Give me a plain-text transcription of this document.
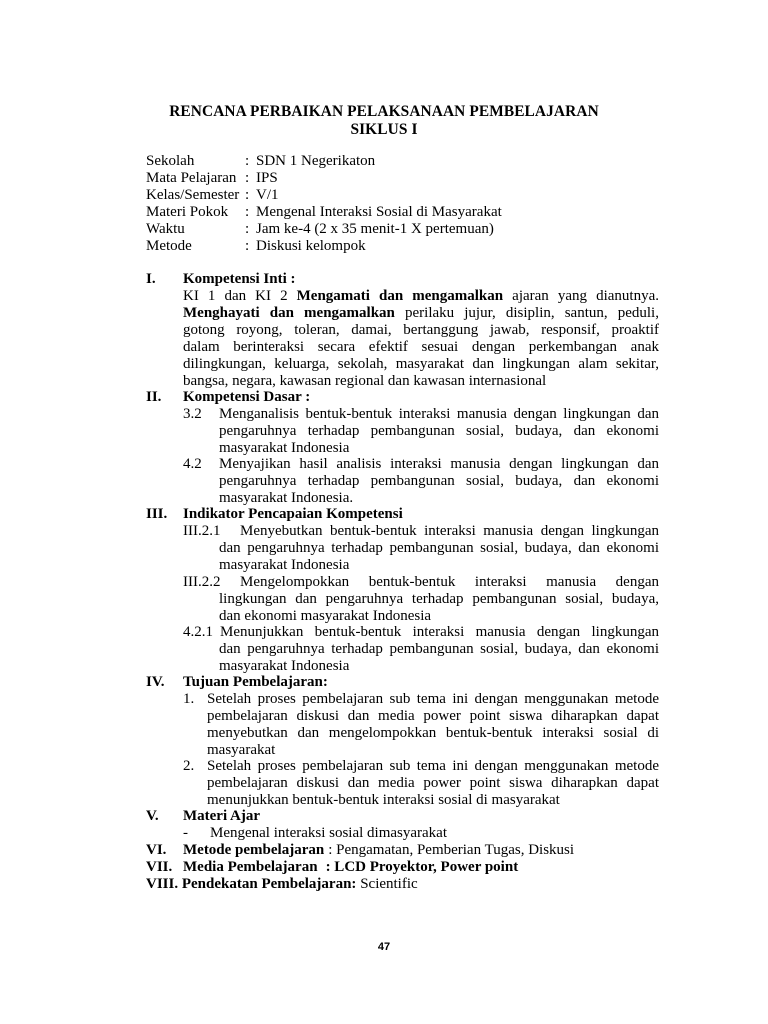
RENCANA PERBAIKAN PELAKSANAAN PEMBELAJARAN
SIKLUS I
Sekolah	: SDN 1 Negerikaton
Mata Pelajaran : IPS
Kelas/Semester : V/1
Materi Pokok	: Mengenal Interaksi Sosial di Masyarakat
Waktu	: Jam ke-4 (2 x 35 menit-1 X pertemuan)
Metode	: Diskusi kelompok
I. Kompetensi Inti :
KI 1 dan KI 2 Mengamati dan mengamalkan ajaran yang dianutnya.
Menghayati dan mengamalkan perilaku jujur, disiplin, santun, peduli,
gotong royong, toleran, damai, bertanggung jawab, responsif, proaktif
dalam berinteraksi secara efektif sesuai dengan perkembangan anak
dilingkungan, keluarga, sekolah, masyarakat dan lingkungan alam sekitar,
bangsa, negara, kawasan regional dan kawasan internasional
II. Kompetensi Dasar :
3.2 Menganalisis bentuk-bentuk interaksi manusia dengan lingkungan dan
pengaruhnya terhadap pembangunan sosial, budaya, dan ekonomi
masyarakat Indonesia
4.2 Menyajikan hasil analisis interaksi manusia dengan lingkungan dan
pengaruhnya terhadap pembangunan sosial, budaya, dan ekonomi
masyarakat Indonesia.
III. Indikator Pencapaian Kompetensi
III.2.1 Menyebutkan bentuk-bentuk interaksi manusia dengan lingkungan
dan pengaruhnya terhadap pembangunan sosial, budaya, dan ekonomi
masyarakat Indonesia
III.2.2 Mengelompokkan bentuk-bentuk interaksi manusia dengan
lingkungan dan pengaruhnya terhadap pembangunan sosial, budaya,
dan ekonomi masyarakat Indonesia
4.2.1 Menunjukkan bentuk-bentuk interaksi manusia dengan lingkungan
dan pengaruhnya terhadap pembangunan sosial, budaya, dan ekonomi
masyarakat Indonesia
IV. Tujuan Pembelajaran:
1. Setelah proses pembelajaran sub tema ini dengan menggunakan metode
pembelajaran diskusi dan media power point siswa diharapkan dapat
menyebutkan dan mengelompokkan bentuk-bentuk interaksi sosial di
masyarakat
2. Setelah proses pembelajaran sub tema ini dengan menggunakan metode
pembelajaran diskusi dan media power point siswa diharapkan dapat
menunjukkan bentuk-bentuk interaksi sosial di masyarakat
V. Materi Ajar
- Mengenal interaksi sosial dimasyarakat
VI. Metode pembelajaran : Pengamatan, Pemberian Tugas, Diskusi
VII. Media Pembelajaran : LCD Proyektor, Power point
VIII. Pendekatan Pembelajaran: Scientific
47
